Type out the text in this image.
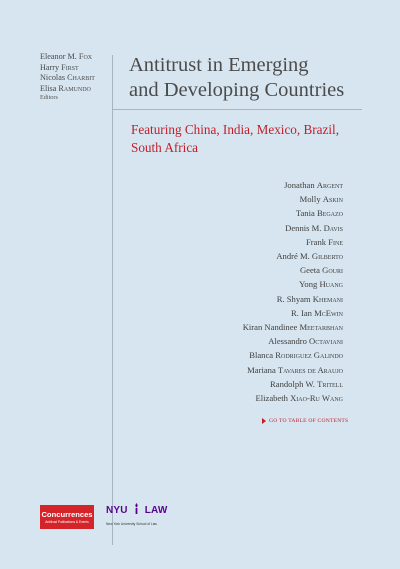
Eleanor M. Fox
Harry First
Nicolas Charbit
Elisa Ramundo
Editors
Antitrust in Emerging
and Developing Countries
Featuring China, India, Mexico, Brazil,
South Africa
Jonathan Argent
Molly Askin
Tania Begazo
Dennis M. Davis
Frank Fine
André M. Gilberto
Geeta Gouri
Yong Huang
R. Shyam Khemani
R. Ian McEwin
Kiran Nandinee Meetarbhan
Alessandro Octaviani
Blanca Rodriguez Galindo
Mariana Tavares de Araujo
Randolph W. Tritell
Elizabeth Xiao-Ru Wang
GO TO TABLE OF CONTENTS
Concurrences
Antitrust Publications & Events
NYU LAW
New York University School of Law
